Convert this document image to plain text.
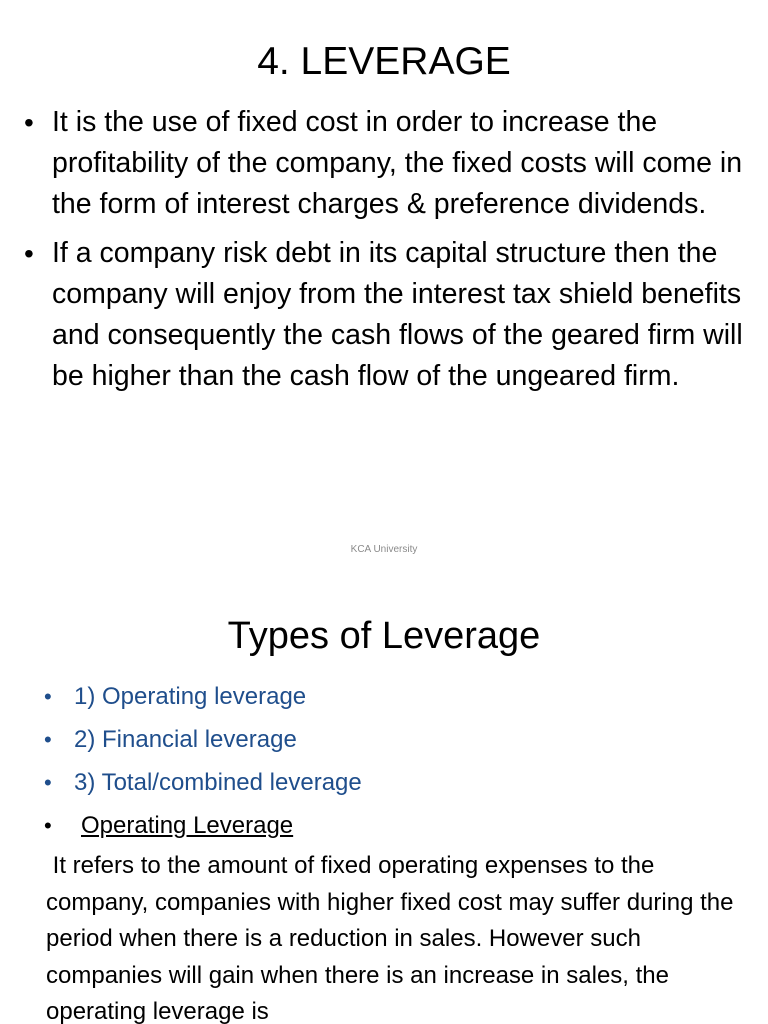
4. LEVERAGE
• It is the use of fixed cost in order to increase the profitability of the company, the fixed costs will come in the form of interest charges & preference dividends.
• If a company risk debt in its capital structure then the company will enjoy from the interest tax shield benefits and consequently the cash flows of the geared firm will be higher than the cash flow of the ungeared firm.
KCA University
Types of Leverage
• 1) Operating leverage
• 2) Financial leverage
• 3) Total/combined leverage
• Operating Leverage

It refers to the amount of fixed operating expenses to the company, companies with higher fixed cost may suffer during the period when there is a reduction in sales. However such companies will gain when there is an increase in sales, the operating leverage is
